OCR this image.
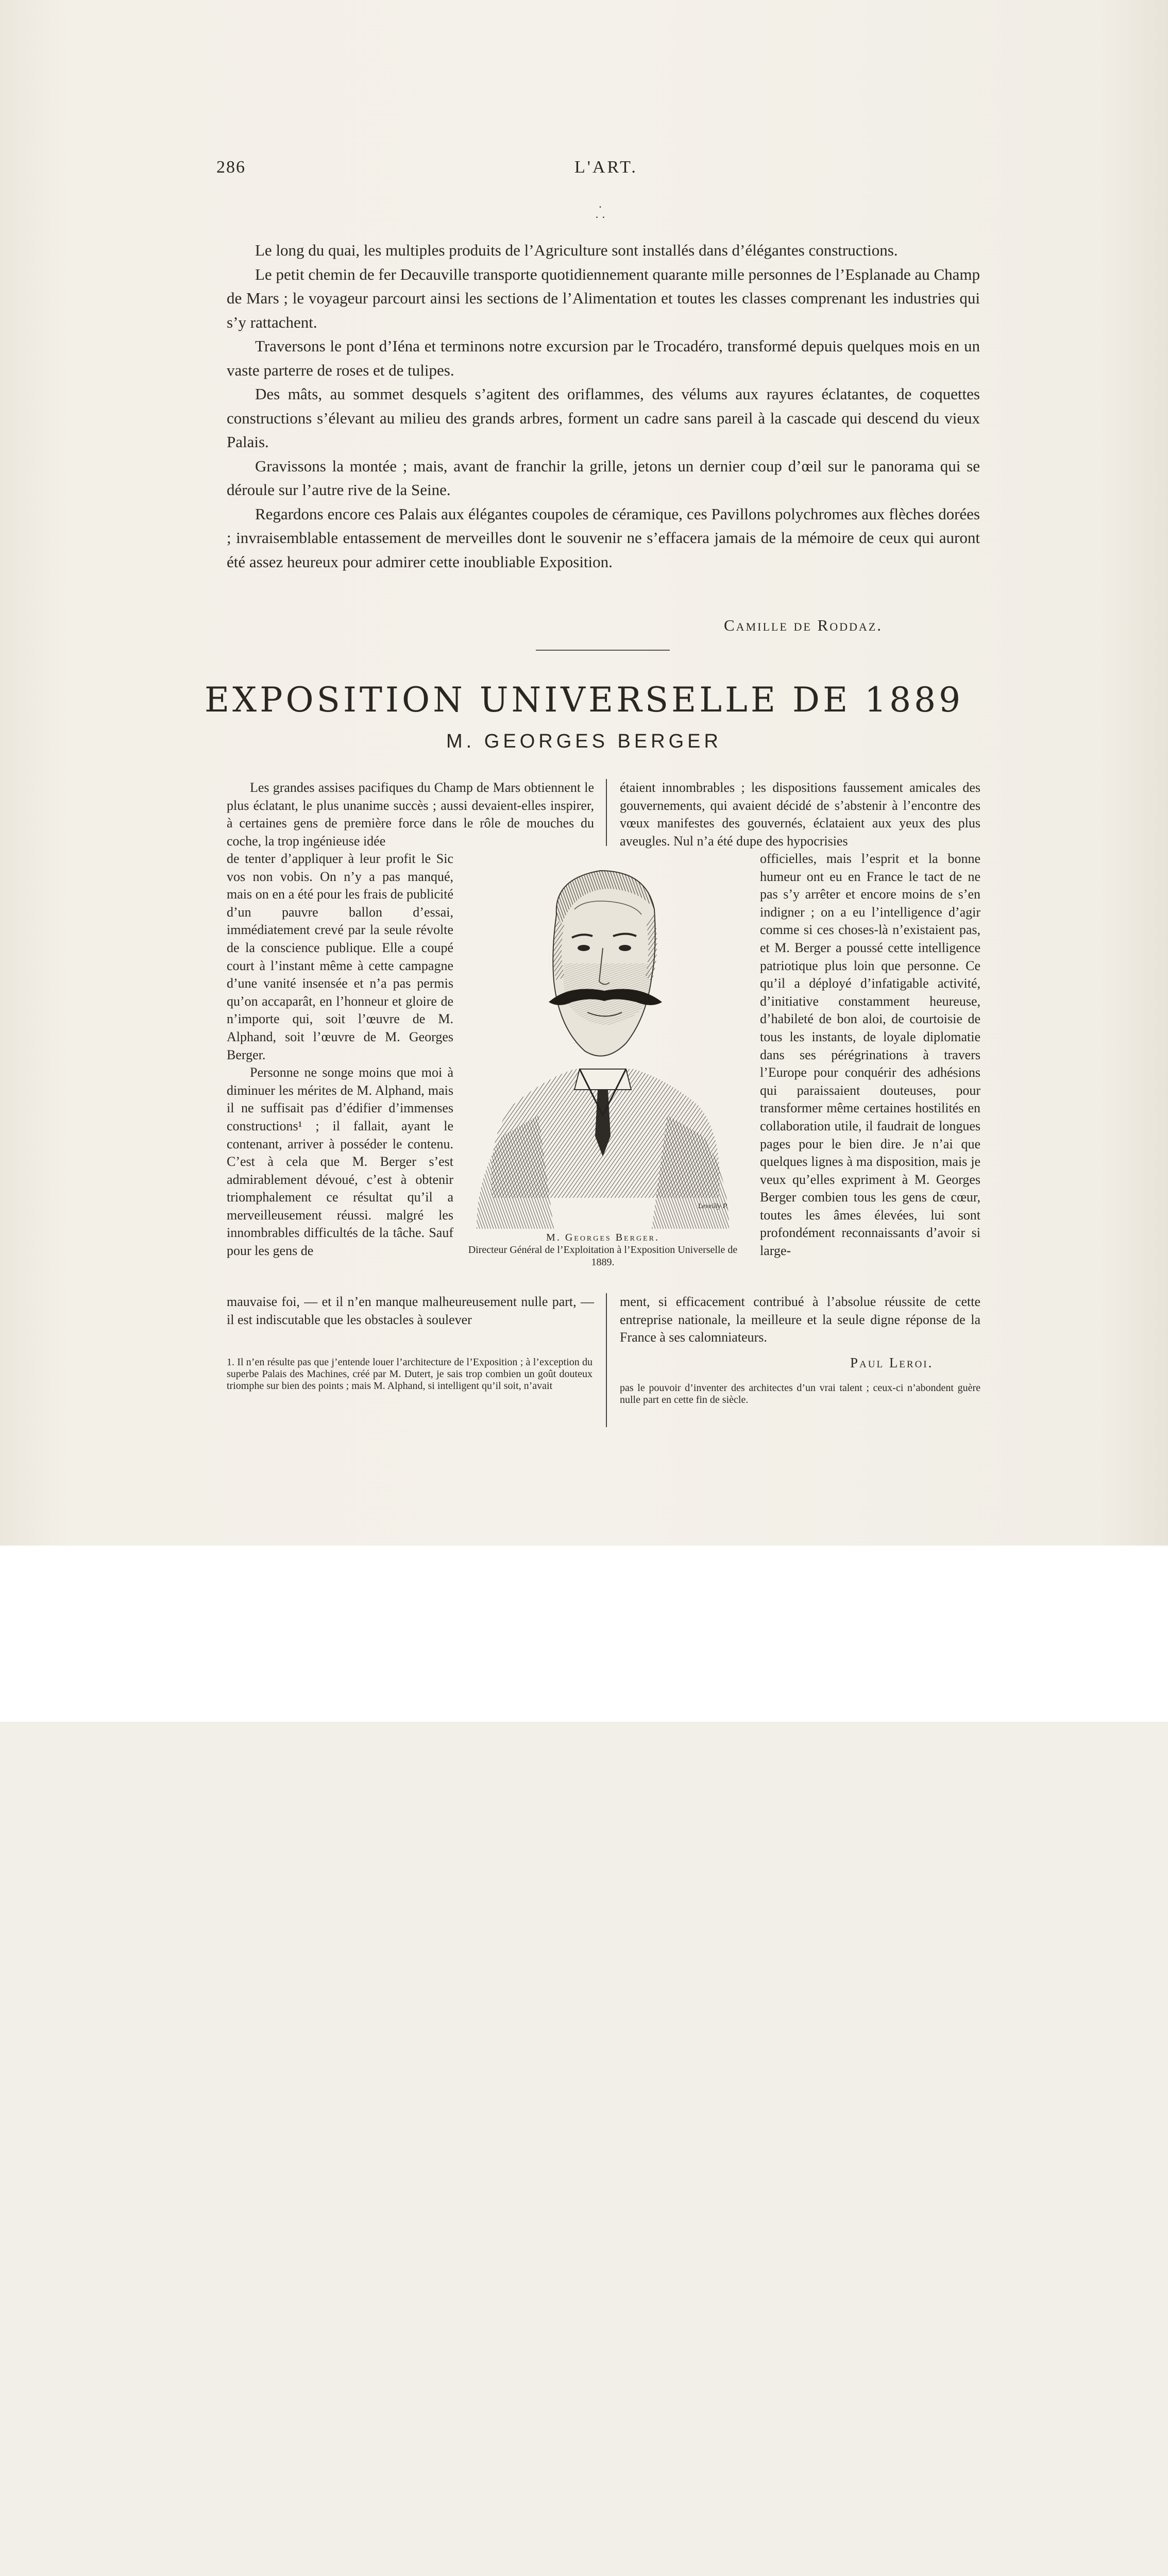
286	L'ART.
·
· ·

Le long du quai, les multiples produits de l’Agriculture sont installés dans d’élégantes constructions.

Le petit chemin de fer Decauville transporte quotidiennement quarante mille personnes de l’Esplanade au Champ de Mars ; le voyageur parcourt ainsi les sections de l’Alimentation et toutes les classes comprenant les industries qui s’y rattachent.

Traversons le pont d’Iéna et terminons notre excursion par le Trocadéro, transformé depuis quelques mois en un vaste parterre de roses et de tulipes.

Des mâts, au sommet desquels s’agitent des oriflammes, des vélums aux rayures éclatantes, de coquettes constructions s’élevant au milieu des grands arbres, forment un cadre sans pareil à la cascade qui descend du vieux Palais.

Gravissons la montée ; mais, avant de franchir la grille, jetons un dernier coup d’œil sur le panorama qui se déroule sur l’autre rive de la Seine.

Regardons encore ces Palais aux élégantes coupoles de céramique, ces Pavillons polychromes aux flèches dorées ; invraisemblable entassement de merveilles dont le souvenir ne s’effacera jamais de la mémoire de ceux qui auront été assez heureux pour admirer cette inoubliable Exposition.

Camille de Roddaz.
EXPOSITION UNIVERSELLE DE 1889
M. GEORGES BERGER

Les grandes assises pacifiques du Champ de Mars obtiennent le plus éclatant, le plus unanime succès ; aussi devaient-elles inspirer, à certaines gens de première force dans le rôle de mouches du coche, la trop ingénieuse idée

étaient innombrables ; les dispositions faussement amicales des gouvernements, qui avaient décidé de s’abstenir à l’encontre des vœux manifestes des gouvernés, éclataient aux yeux des plus aveugles. Nul n’a été dupe des hypocrisies

de tenter d’appliquer à leur profit le Sic vos non vobis. On n’y a pas manqué, mais on en a été pour les frais de publicité d’un pauvre ballon d’essai, immédiatement crevé par la seule révolte de la conscience publique. Elle a coupé court à l’instant même à cette campagne d’une vanité insensée et n’a pas permis qu’on accaparât, en l’honneur et gloire de n’importe qui, soit l’œuvre de M. Alphand, soit l’œuvre de M. Georges Berger.

Personne ne songe moins que moi à diminuer les mérites de M. Alphand, mais il ne suffisait pas d’édifier d’immenses constructions¹ ; il fallait, ayant le contenant, arriver à posséder le contenu. C’est à cela que M. Berger s’est admirablement dévoué, c’est à obtenir triomphalement ce résultat qu’il a merveilleusement réussi. malgré les innombrables difficultés de la tâche. Sauf pour les gens de

Leveilly P.
M. Georges Berger.
Directeur Général de l’Exploitation à l’Exposition Universelle de 1889.

officielles, mais l’esprit et la bonne humeur ont eu en France le tact de ne pas s’y arrêter et encore moins de s’en indigner ; on a eu l’intelligence d’agir comme si ces choses-là n’existaient pas, et M. Berger a poussé cette intelligence patriotique plus loin que personne. Ce qu’il a déployé d’infatigable activité, d’initiative constamment heureuse, d’habileté de bon aloi, de courtoisie de tous les instants, de loyale diplomatie dans ses pérégrinations à travers l’Europe pour conquérir des adhésions qui paraissaient douteuses, pour transformer même certaines hostilités en collaboration utile, il faudrait de longues pages pour le bien dire. Je n’ai que quelques lignes à ma disposition, mais je veux qu’elles expriment à M. Georges Berger combien tous les gens de cœur, toutes les âmes élevées, lui sont profondément reconnaissants d’avoir si large-

mauvaise foi, — et il n’en manque malheureusement nulle part, — il est indiscutable que les obstacles à soulever

ment, si efficacement contribué à l’absolue réussite de cette entreprise nationale, la meilleure et la seule digne réponse de la France à ses calomniateurs.

Paul Leroi.

1. Il n’en résulte pas que j’entende louer l’architecture de l’Exposition ; à l’exception du superbe Palais des Machines, créé par M. Dutert, je sais trop combien un goût douteux triomphe sur bien des points ; mais M. Alphand, si intelligent qu’il soit, n’avait	pas le pouvoir d’inventer des architectes d’un vrai talent ; ceux-ci n’abondent guère nulle part en cette fin de siècle.
